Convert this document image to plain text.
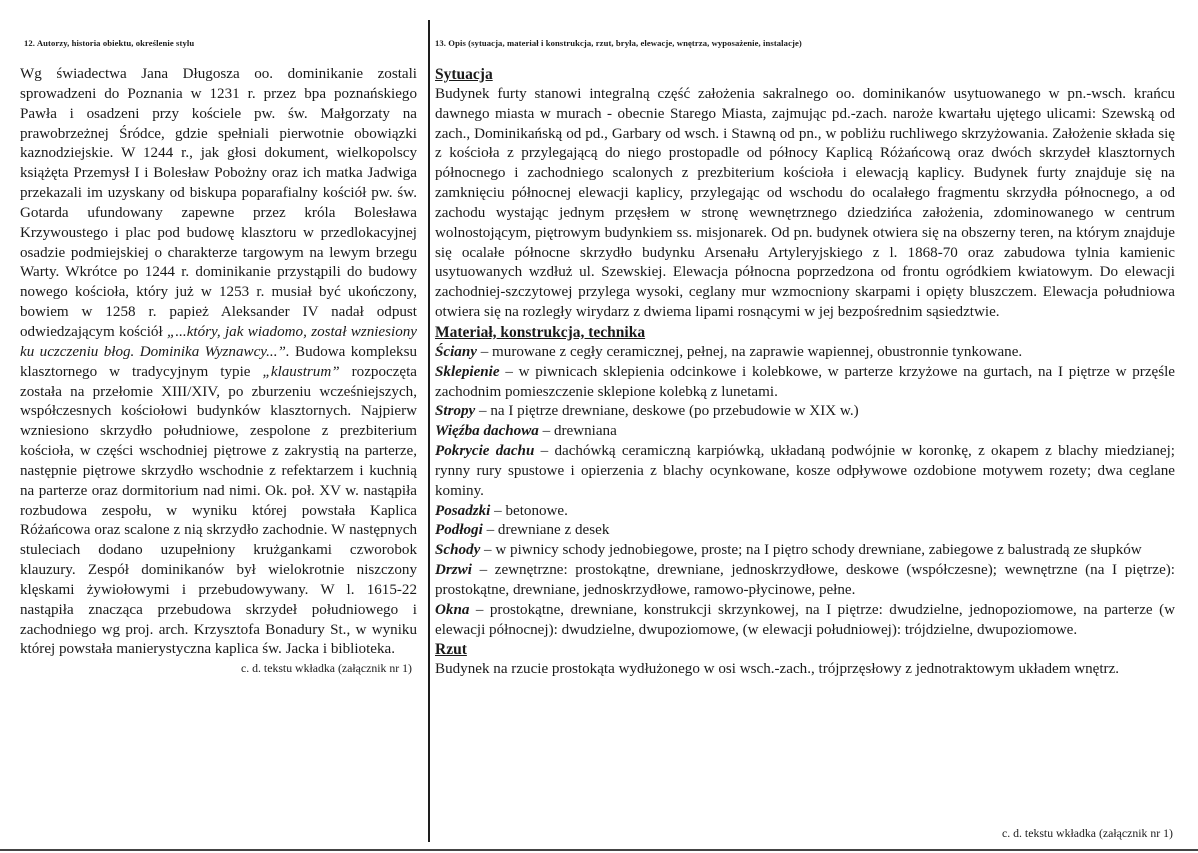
12. Autorzy, historia obiektu, określenie stylu

Wg świadectwa Jana Długosza oo. dominikanie zostali sprowadzeni do Poznania w 1231 r. przez bpa poznańskiego Pawła i osadzeni przy kościele pw. św. Małgorzaty na prawobrzeżnej Śródce, gdzie spełniali pierwotnie obowiązki kaznodziejskie. W 1244 r., jak głosi dokument, wielkopolscy książęta Przemysł I i Bolesław Pobożny oraz ich matka Jadwiga przekazali im uzyskany od biskupa poparafialny kościół pw. św. Gotarda ufundowany zapewne przez króla Bolesława Krzywoustego i plac pod budowę klasztoru w przedlokacyjnej osadzie podmiejskiej o charakterze targowym na lewym brzegu Warty. Wkrótce po 1244 r. dominikanie przystąpili do budowy nowego kościoła, który już w 1253 r. musiał być ukończony, bowiem w 1258 r. papież Aleksander IV nadał odpust odwiedzającym kościół „...który, jak wiadomo, został wzniesiony ku uczczeniu błog. Dominika Wyznawcy...”. Budowa kompleksu klasztornego w tradycyjnym typie „klaustrum” rozpoczęta została na przełomie XIII/XIV, po zburzeniu wcześniejszych, współczesnych kościołowi budynków klasztornych. Najpierw wzniesiono skrzydło południowe, zespolone z prezbiterium kościoła, w części wschodniej piętrowe z zakrystią na parterze, następnie piętrowe skrzydło wschodnie z refektarzem i kuchnią na parterze oraz dormitorium nad nimi. Ok. poł. XV w. nastąpiła rozbudowa zespołu, w wyniku której powstała Kaplica Różańcowa oraz scalone z nią skrzydło zachodnie. W następnych stuleciach dodano uzupełniony krużgankami czworobok klauzury. Zespół dominikanów był wielokrotnie niszczony klęskami żywiołowymi i przebudowywany. W l. 1615-22 nastąpiła znacząca przebudowa skrzydeł południowego i zachodniego wg proj. arch. Krzysztofa Bonadury St., w wyniku której powstała manierystyczna kaplica św. Jacka i biblioteka.

c. d. tekstu wkładka (załącznik nr 1)
13. Opis (sytuacja, materiał i konstrukcja, rzut, bryła, elewacje, wnętrza, wyposażenie, instalacje)

Sytuacja

Budynek furty stanowi integralną część założenia sakralnego oo. dominikanów usytuowanego w pn.-wsch. krańcu dawnego miasta w murach - obecnie Starego Miasta, zajmując pd.-zach. naroże kwartału ujętego ulicami: Szewską od zach., Dominikańską od pd., Garbary od wsch. i Stawną od pn., w pobliżu ruchliwego skrzyżowania. Założenie składa się z kościoła z przylegającą do niego prostopadle od północy Kaplicą Różańcową oraz dwóch skrzydeł klasztornych północnego i zachodniego scalonych z prezbiterium kościoła i elewacją kaplicy. Budynek furty znajduje się na zamknięciu północnej elewacji kaplicy, przylegając od wschodu do ocalałego fragmentu skrzydła północnego, a od zachodu wystając jednym przęsłem w stronę wewnętrznego dziedzińca założenia, zdominowanego w centrum wolnostojącym, piętrowym budynkiem ss. misjonarek. Od pn. budynek otwiera się na obszerny teren, na którym znajduje się ocalałe północne skrzydło budynku Arsenału Artyleryjskiego z l. 1868-70 oraz zabudowa tylnia kamienic usytuowanych wzdłuż ul. Szewskiej. Elewacja północna poprzedzona od frontu ogródkiem kwiatowym. Do elewacji zachodniej-szczytowej przylega wysoki, ceglany mur wzmocniony skarpami i opięty bluszczem. Elewacja południowa otwiera się na rozległy wirydarz z dwiema lipami rosnącymi w jej bezpośrednim sąsiedztwie.

Materiał, konstrukcja, technika

Ściany – murowane z cegły ceramicznej, pełnej, na zaprawie wapiennej, obustronnie tynkowane.

Sklepienie – w piwnicach sklepienia odcinkowe i kolebkowe, w parterze krzyżowe na gurtach, na I piętrze w przęśle zachodnim pomieszczenie sklepione kolebką z lunetami.

Stropy – na I piętrze drewniane, deskowe (po przebudowie w XIX w.)

Więźba dachowa – drewniana

Pokrycie dachu – dachówką ceramiczną karpiówką, układaną podwójnie w koronkę, z okapem z blachy miedzianej; rynny rury spustowe i opierzenia z blachy ocynkowane, kosze odpływowe ozdobione motywem rozety; dwa ceglane kominy.

Posadzki – betonowe.

Podłogi – drewniane z desek

Schody – w piwnicy schody jednobiegowe, proste; na I piętro schody drewniane, zabiegowe z balustradą ze słupków

Drzwi – zewnętrzne: prostokątne, drewniane, jednoskrzydłowe, deskowe (współczesne); wewnętrzne (na I piętrze): prostokątne, drewniane, jednoskrzydłowe, ramowo-płycinowe, pełne.

Okna – prostokątne, drewniane, konstrukcji skrzynkowej, na I piętrze: dwudzielne, jednopoziomowe, na parterze (w elewacji północnej): dwudzielne, dwupoziomowe, (w elewacji południowej): trójdzielne, dwupoziomowe.

Rzut

Budynek na rzucie prostokąta wydłużonego w osi wsch.-zach., trójprzęsłowy z jednotraktowym układem wnętrz.

c. d. tekstu wkładka (załącznik nr 1)
